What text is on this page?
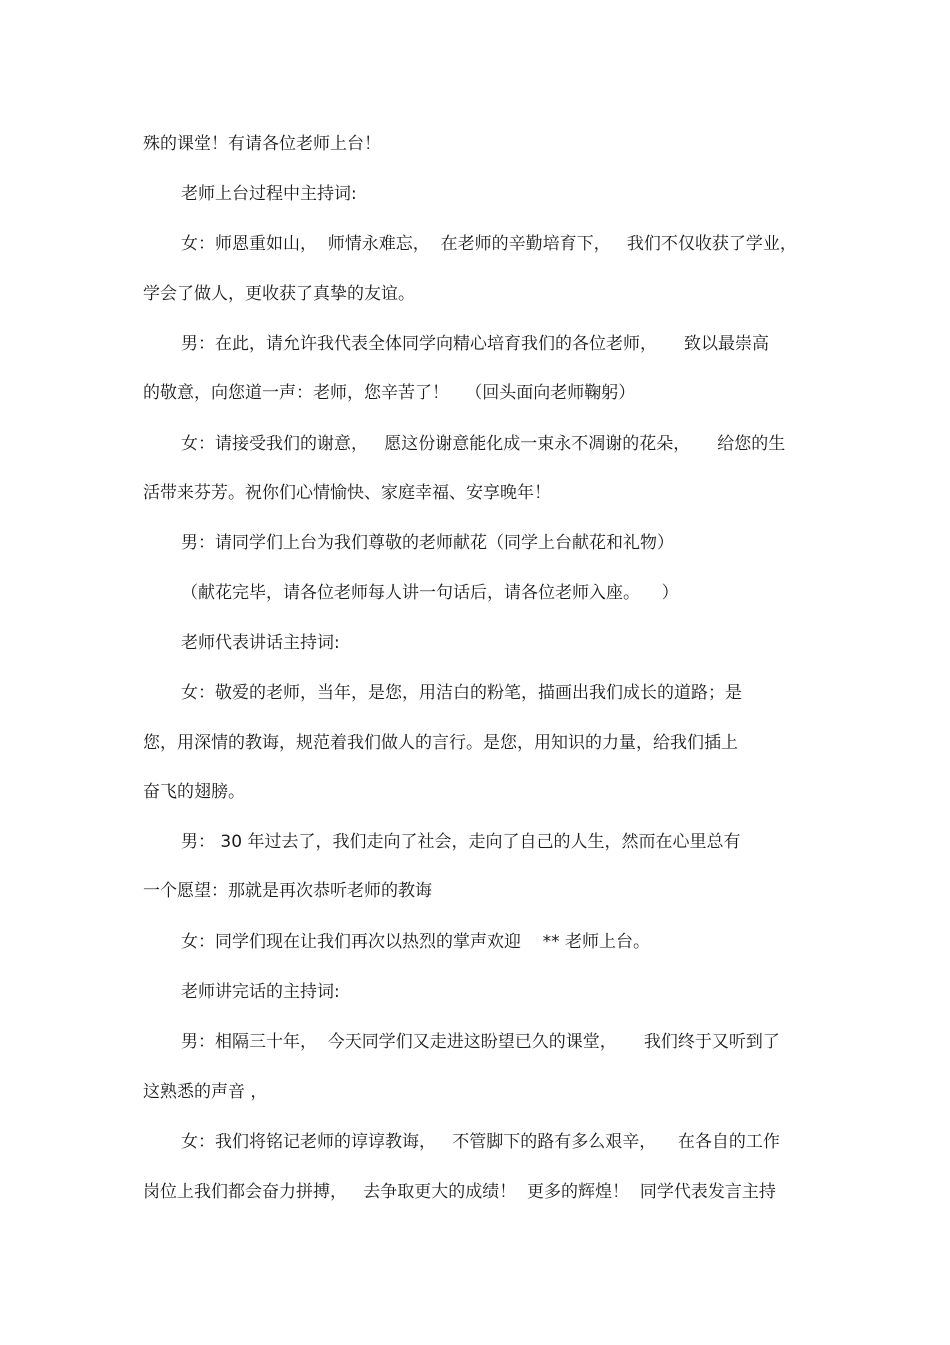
殊的课堂！有请各位老师上台！

老师上台过程中主持词:

女：师恩重如山，  师情永难忘，  在老师的辛勤培育下，   我们不仅收获了学业，

学会了做人，更收获了真挚的友谊。

男：在此，请允许我代表全体同学向精心培育我们的各位老师，     致以最崇高

的敬意，向您道一声：老师，您辛苦了！   （回头面向老师鞠躬）

女：请接受我们的谢意，   愿这份谢意能化成一束永不凋谢的花朵，     给您的生

活带来芬芳。祝你们心情愉快、家庭幸福、安享晚年！

男：请同学们上台为我们尊敬的老师献花（同学上台献花和礼物）

（献花完毕，请各位老师每人讲一句话后，请各位老师入座。    ）

老师代表讲话主持词:

女：敬爱的老师，当年，是您，用洁白的粉笔，描画出我们成长的道路；是

您，用深情的教诲，规范着我们做人的言行。是您，用知识的力量，给我们插上

奋飞的翅膀。

男： 30 年过去了，我们走向了社会，走向了自己的人生，然而在心里总有

一个愿望：那就是再次恭听老师的教诲

女：同学们现在让我们再次以热烈的掌声欢迎    ** 老师上台。

老师讲完话的主持词:

男：相隔三十年，  今天同学们又走进这盼望已久的课堂，     我们终于又听到了

这熟悉的声音 ，

女：我们将铭记老师的谆谆教诲，   不管脚下的路有多么艰辛，    在各自的工作

岗位上我们都会奋力拼搏，   去争取更大的成绩！  更多的辉煌！  同学代表发言主持
